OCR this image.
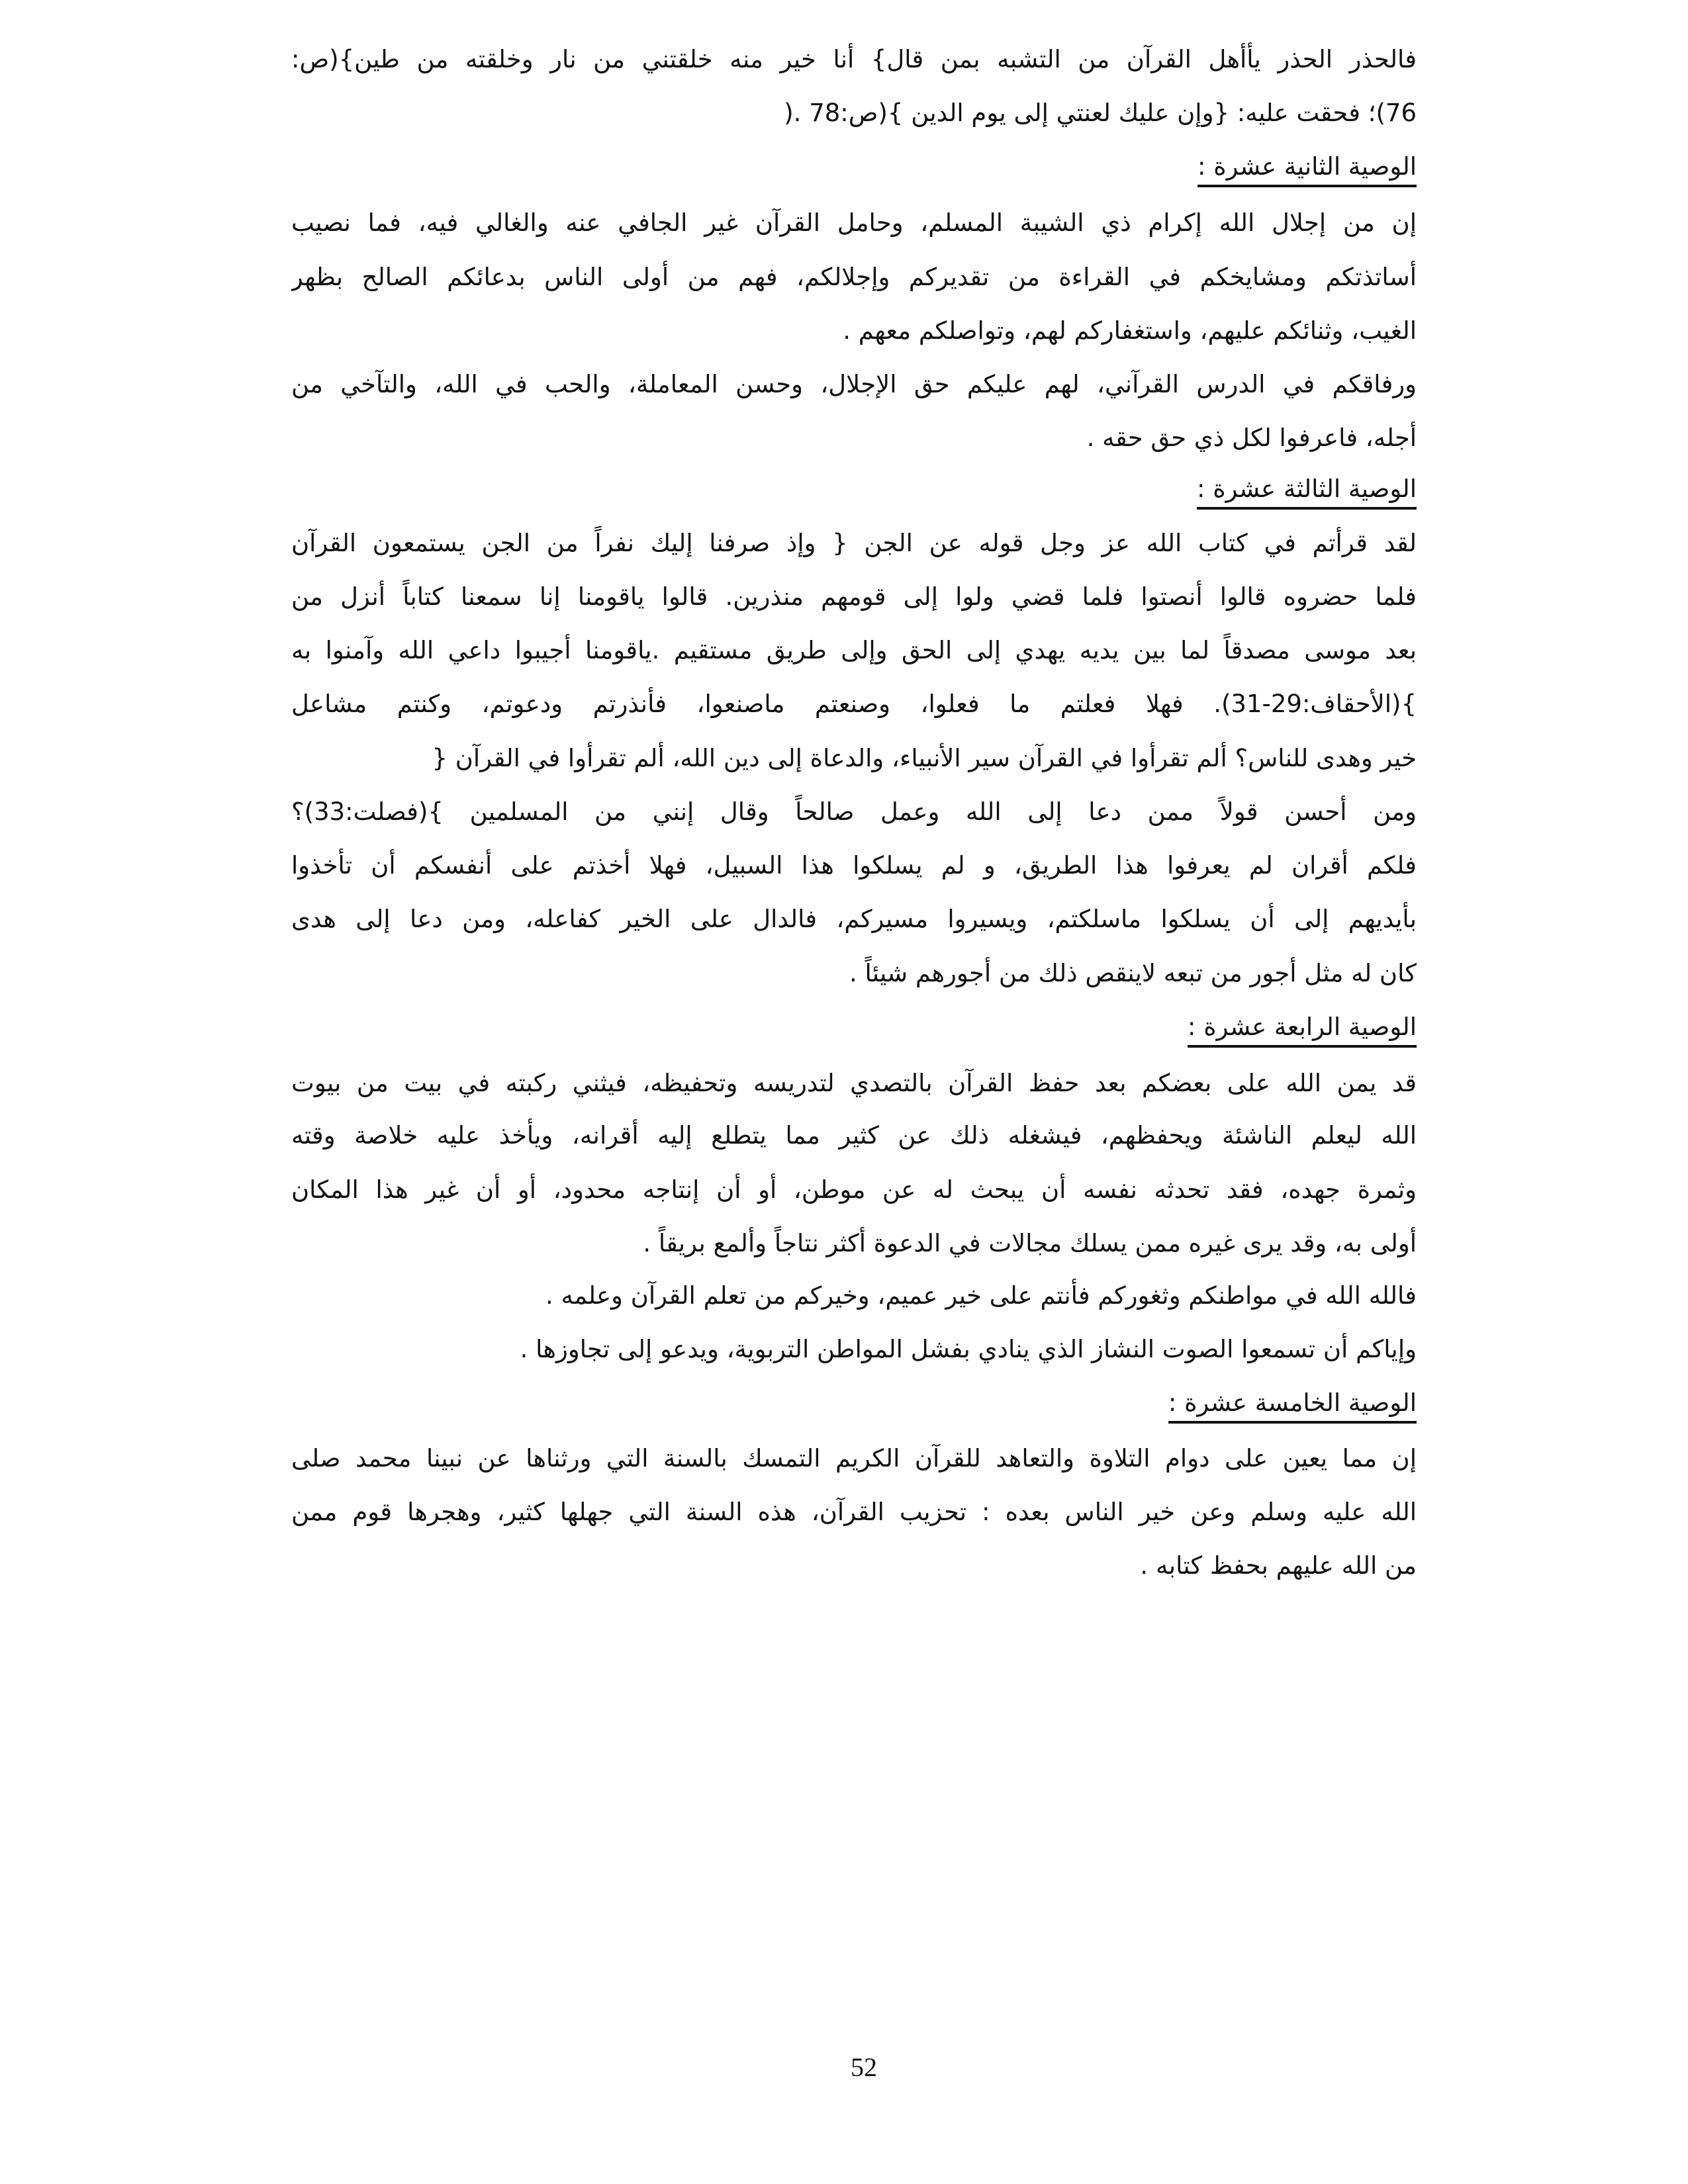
فالحذر الحذر يأأهل القرآن من التشبه بمن قال} أنا خير منه خلقتني من نار وخلقته من طين}(ص:
76)؛ فحقت عليه: {وإن عليك لعنتي إلى يوم الدين }(ص:78 .(
الوصية الثانية عشرة :
إن من إجلال الله إكرام ذي الشيبة المسلم، وحامل القرآن غير الجافي عنه والغالي فيه، فما نصيب
أساتذتكم ومشايخكم في القراءة من تقديركم وإجلالكم، فهم من أولى الناس بدعائكم الصالح بظهر
الغيب، وثنائكم عليهم، واستغفاركم لهم، وتواصلكم معهم .
ورفاقكم في الدرس القرآني، لهم عليكم حق الإجلال، وحسن المعاملة، والحب في الله، والتآخي من
أجله، فاعرفوا لكل ذي حق حقه .
الوصية الثالثة عشرة :
لقد قرأتم في كتاب الله عز وجل قوله عن الجن { وإذ صرفنا إليك نفراً من الجن يستمعون القرآن
فلما حضروه قالوا أنصتوا فلما قضي ولوا إلى قومهم منذرين. قالوا ياقومنا إنا سمعنا كتاباً أنزل من
بعد موسى مصدقاً لما بين يديه يهدي إلى الحق وإلى طريق مستقيم .ياقومنا أجيبوا داعي الله وآمنوا به
}(الأحقاف:29-31). فهلا فعلتم ما فعلوا، وصنعتم ماصنعوا، فأنذرتم ودعوتم، وكنتم مشاعل
خير وهدى للناس؟ ألم تقرأوا في القرآن سير الأنبياء، والدعاة إلى دين الله، ألم تقرأوا في القرآن {
ومن أحسن قولاً ممن دعا إلى الله وعمل صالحاً وقال إنني من المسلمين }(فصلت:33)؟
فلكم أقران لم يعرفوا هذا الطريق، و لم يسلكوا هذا السبيل، فهلا أخذتم على أنفسكم أن تأخذوا
بأيديهم إلى أن يسلكوا ماسلكتم، ويسيروا مسيركم، فالدال على الخير كفاعله، ومن دعا إلى هدى
كان له مثل أجور من تبعه لاينقص ذلك من أجورهم شيئاً .
الوصية الرابعة عشرة :
قد يمن الله على بعضكم بعد حفظ القرآن بالتصدي لتدريسه وتحفيظه، فيثني ركبته في بيت من بيوت
الله ليعلم الناشئة ويحفظهم، فيشغله ذلك عن كثير مما يتطلع إليه أقرانه، ويأخذ عليه خلاصة وقته
وثمرة جهده، فقد تحدثه نفسه أن يبحث له عن موطن، أو أن إنتاجه محدود، أو أن غير هذا المكان
أولى به، وقد يرى غيره ممن يسلك مجالات في الدعوة أكثر نتاجاً وألمع بريقاً .
فالله الله في مواطنكم وثغوركم فأنتم على خير عميم، وخيركم من تعلم القرآن وعلمه .
وإياكم أن تسمعوا الصوت النشاز الذي ينادي بفشل المواطن التربوية، ويدعو إلى تجاوزها .
الوصية الخامسة عشرة :
إن مما يعين على دوام التلاوة والتعاهد للقرآن الكريم التمسك بالسنة التي ورثناها عن نبينا محمد صلى
الله عليه وسلم وعن خير الناس بعده : تحزيب القرآن، هذه السنة التي جهلها كثير، وهجرها قوم ممن
من الله عليهم بحفظ كتابه .
52
